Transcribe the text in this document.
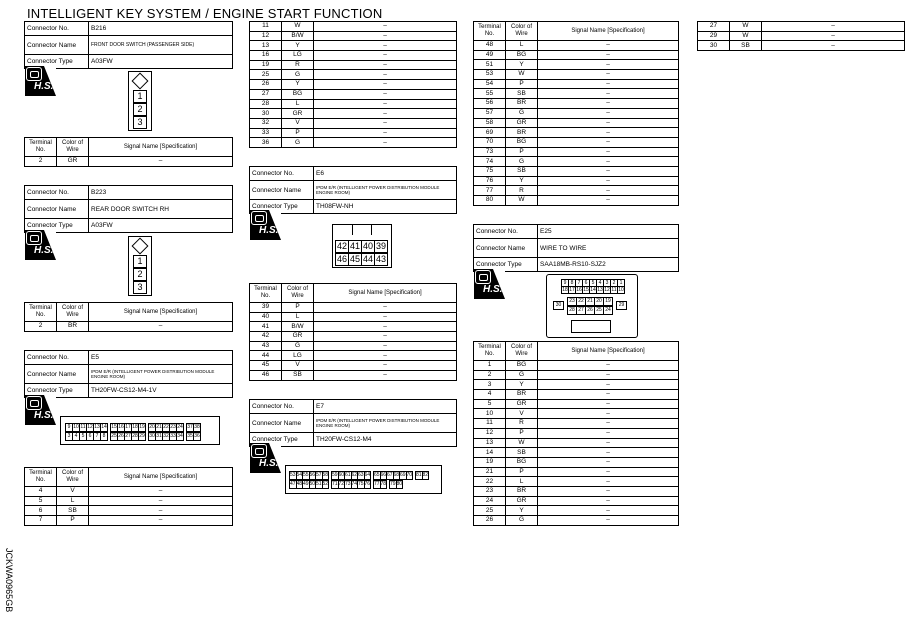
INTELLIGENT KEY SYSTEM / ENGINE START FUNCTION
JCKWA0965GB
Connector No.	B216
Connector Name	FRONT DOOR SWITCH (PASSENGER SIDE)
Connector Type	A03FW
H.S.
1
2
3
Terminal No.	Color of Wire	Signal Name [Specification]
2	GR	–
Connector No.	B223
Connector Name	REAR DOOR SWITCH RH
Connector Type	A03FW
H.S.
1
2
3
Terminal No.	Color of Wire	Signal Name [Specification]
2	BR	–
Connector No.	E5
Connector Name	IPDM E/R (INTELLIGENT POWER DISTRIBUTION MODULE ENGINE ROOM)
Connector Type	TH20FW-CS12-M4-1V
H.S.
9 10 11 12 13 14 15 16 17 18 19 20 21 22 23 24 37 38
3 4 5 6 7 8	25 26 27 28 29 30 31 32 33 34 35 36
Terminal No.	Color of Wire	Signal Name [Specification]
4	V	–
5	L	–
6	SB	–
7	P	–
11	W	–
12	B/W	–
13	Y	–
16	LG	–
19	R	–
25	G	–
26	Y	–
27	BG	–
28	L	–
30	GR	–
32	V	–
33	P	–
36	G	–
Connector No.	E6
Connector Name	IPDM E/R (INTELLIGENT POWER DISTRIBUTION MODULE ENGINE ROOM)
Connector Type	TH08FW-NH
H.S.
42 41 40 39
46 45 44 43
Terminal No.	Color of Wire	Signal Name [Specification]
39	P	–
40	L	–
41	B/W	–
42	GR	–
43	G	–
44	LG	–
45	V	–
46	SB	–
Connector No.	E7
Connector Name	IPDM E/R (INTELLIGENT POWER DISTRIBUTION MODULE ENGINE ROOM)
Connector Type	TH20FW-CS12-M4
H.S.
53 54 55 56 57 58 59 60 61 62 63 64 65 66 67 68 69 70 81 82
47 48 49 50 51 52 71 72 73 74 75 76 77 78 79 80
Terminal No.	Color of Wire	Signal Name [Specification]
48	L	–
49	BG	–
51	Y	–
53	W	–
54	P	–
55	SB	–
56	BR	–
57	G	–
58	GR	–
69	BR	–
70	BG	–
73	P	–
74	G	–
75	SB	–
76	Y	–
77	R	–
80	W	–
Connector No.	E25
Connector Name	WIRE TO WIRE
Connector Type	SAA18MB-RS10-SJZ2
H.S.
9 8 7 6 5 4 3 2 1
18 17 16 15 14 13 12 11 10
23 22 21 20 19
28 27 26 25 24
30	29
Terminal No.	Color of Wire	Signal Name [Specification]
1	BG	–
2	G	–
3	Y	–
4	BR	–
5	GR	–
10	V	–
11	R	–
12	P	–
13	W	–
14	SB	–
19	BG	–
21	P	–
22	L	–
23	BR	–
24	GR	–
25	Y	–
26	G	–
27	W	–
29	W	–
30	SB	–
